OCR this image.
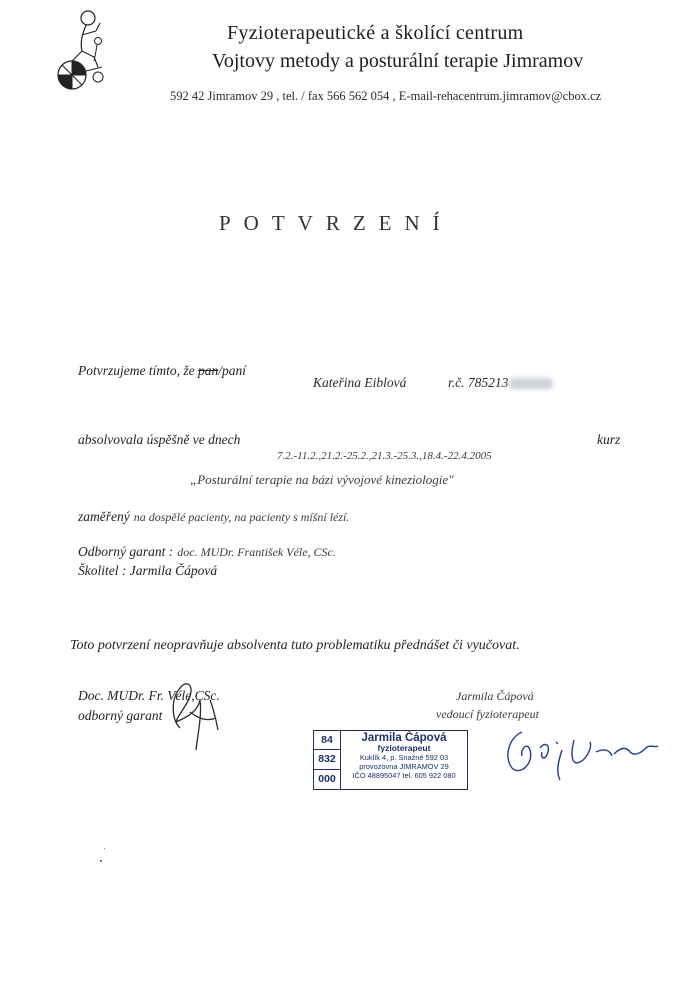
Fyzioterapeutické a školící centrum
Vojtovy metody a posturální terapie Jimramov
592 42 Jimramov 29 , tel. / fax 566 562 054 , E-mail-rehacentrum.jimramov@cbox.cz
POTVRZENÍ
Potvrzujeme tímto, že pan/paní
Kateřina Eiblová	r.č. 785213
absolvovala úspěšně ve dnech	kurz
7.2.-11.2.,21.2.-25.2.,21.3.-25.3.,18.4.-22.4.2005
„Posturální terapie na bázi vývojové kineziologie"
zaměřený na dospělé pacienty, na pacienty s míšní lézí.
Odborný garant : doc. MUDr. František Véle, CSc.
Školitel : Jarmila Čápová
Toto potvrzení neopravňuje absolventa tuto problematiku přednášet či vyučovat.
Doc. MUDr. Fr. Véle,CSc.
odborný garant
Jarmila Čápová
vedoucí fyzioterapeut
84
832
000
Jarmila Čápová
fyzioterapeut
Kuklík 4, p. Snažné 592 03
provozovna JIMRAMOV 29
IČO 48895047 tel. 605 922 080
